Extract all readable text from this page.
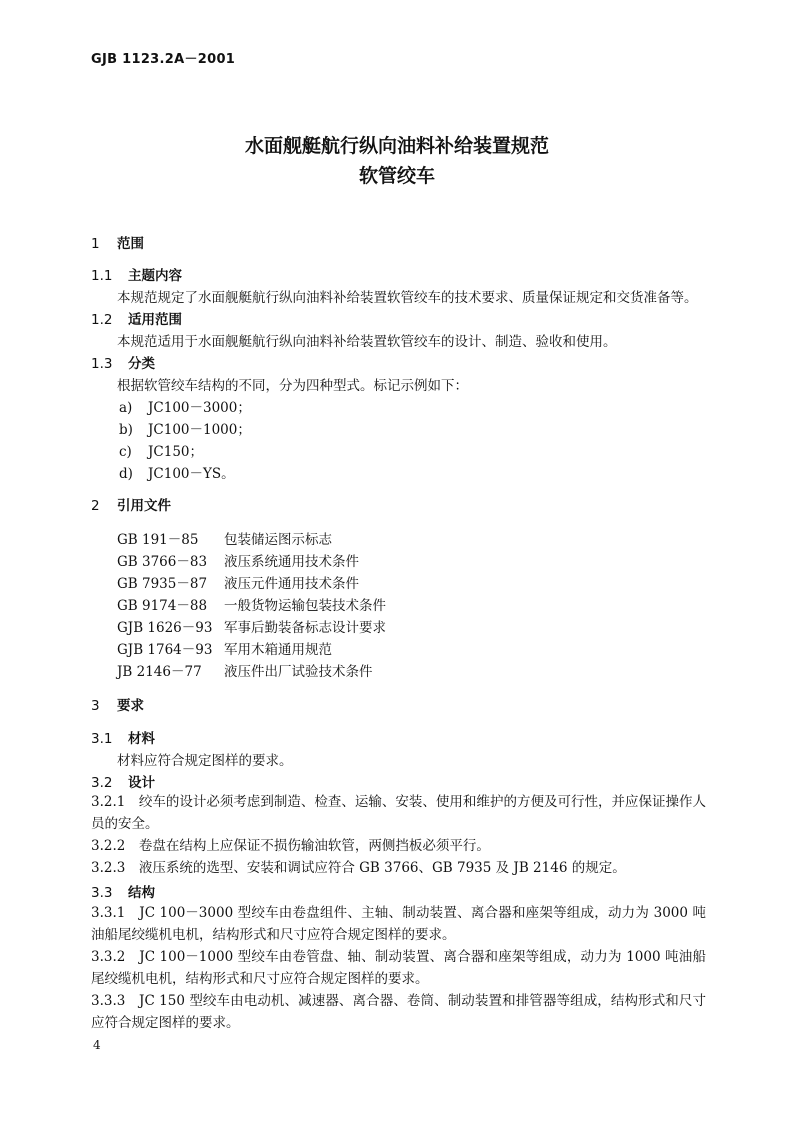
GJB 1123.2A－2001
水面舰艇航行纵向油料补给装置规范
软管绞车
1 范围
1.1 主题内容
本规范规定了水面舰艇航行纵向油料补给装置软管绞车的技术要求、质量保证规定和交货准备等。
1.2 适用范围
本规范适用于水面舰艇航行纵向油料补给装置软管绞车的设计、制造、验收和使用。
1.3 分类
根据软管绞车结构的不同，分为四种型式。标记示例如下：
a) JC100－3000；
b) JC100－1000；
c) JC150；
d) JC100－YS。
2 引用文件
GB 191－85 包装储运图示标志
GB 3766－83 液压系统通用技术条件
GB 7935－87 液压元件通用技术条件
GB 9174－88 一般货物运输包装技术条件
GJB 1626－93 军事后勤装备标志设计要求
GJB 1764－93 军用木箱通用规范
JB 2146－77 液压件出厂试验技术条件
3 要求
3.1 材料
材料应符合规定图样的要求。
3.2 设计
3.2.1　绞车的设计必须考虑到制造、检查、运输、安装、使用和维护的方便及可行性，并应保证操作人员的安全。
3.2.2　卷盘在结构上应保证不损伤输油软管，两侧挡板必须平行。
3.2.3　液压系统的选型、安装和调试应符合 GB 3766、GB 7935 及 JB 2146 的规定。
3.3 结构
3.3.1　JC 100－3000 型绞车由卷盘组件、主轴、制动装置、离合器和座架等组成，动力为 3000 吨油船尾绞缆机电机，结构形式和尺寸应符合规定图样的要求。
3.3.2　JC 100－1000 型绞车由卷管盘、轴、制动装置、离合器和座架等组成，动力为 1000 吨油船尾绞缆机电机，结构形式和尺寸应符合规定图样的要求。
3.3.3　JC 150 型绞车由电动机、减速器、离合器、卷筒、制动装置和排管器等组成，结构形式和尺寸应符合规定图样的要求。
4
